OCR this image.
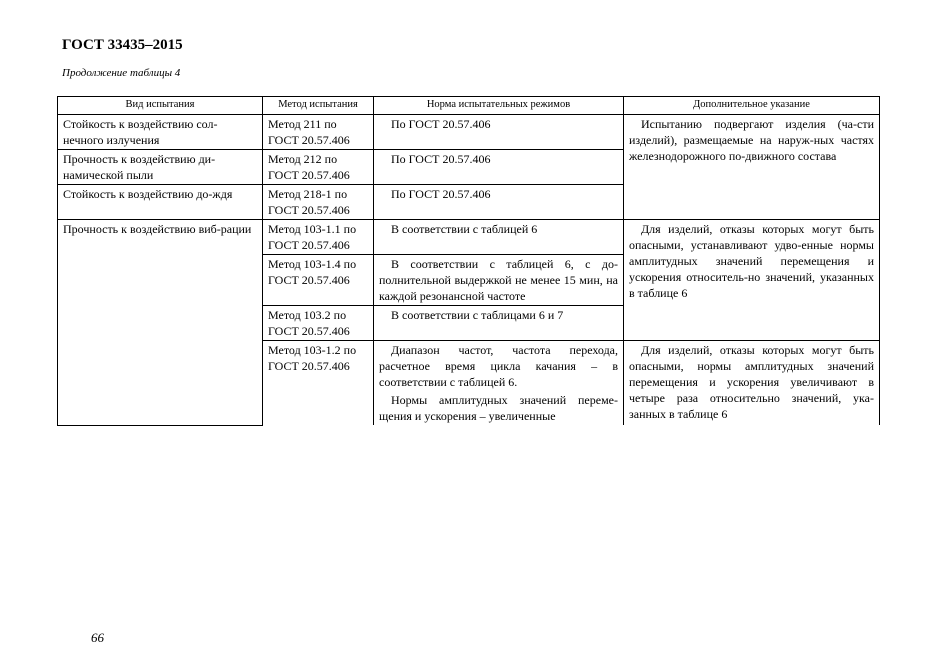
ГОСТ 33435–2015
Продолжение таблицы 4
Вид испытания	Метод испытания	Норма испытательных режимов	Дополнительное указание
Стойкость к воздействию сол-нечного излучения	Метод 211 по ГОСТ 20.57.406	По ГОСТ 20.57.406	Испытанию подвергают изделия (ча-сти изделий), размещаемые на наруж-ных частях железнодорожного по-движного состава

Прочность к воздействию ди-намической пыли	Метод 212 по ГОСТ 20.57.406	По ГОСТ 20.57.406	

Стойкость к воздействию до-ждя	Метод 218-1 по ГОСТ 20.57.406	По ГОСТ 20.57.406	

Прочность к воздействию виб-рации	Метод 103-1.1 по ГОСТ 20.57.406	В соответствии с таблицей 6	Для изделий, отказы которых могут быть опасными, устанавливают удво-енные нормы амплитудных значений перемещения и ускорения относитель-но значений, указанных в таблице 6

	Метод 103-1.4 по ГОСТ 20.57.406	В соответствии с таблицей 6, с до-полнительной выдержкой не менее 15 мин, на каждой резонансной частоте	

	Метод 103.2 по ГОСТ 20.57.406	В соответствии с таблицами 6 и 7	

	Метод 103-1.2 по ГОСТ 20.57.406	Диапазон частот, частота перехода, расчетное время цикла качания – в соответствии с таблицей 6.
Нормы амплитудных значений переме-щения и ускорения – увеличенные	Для изделий, отказы которых могут быть опасными, нормы амплитудных значений перемещения и ускорения увеличивают в четыре раза относительно значений, ука-занных в таблице 6
66
